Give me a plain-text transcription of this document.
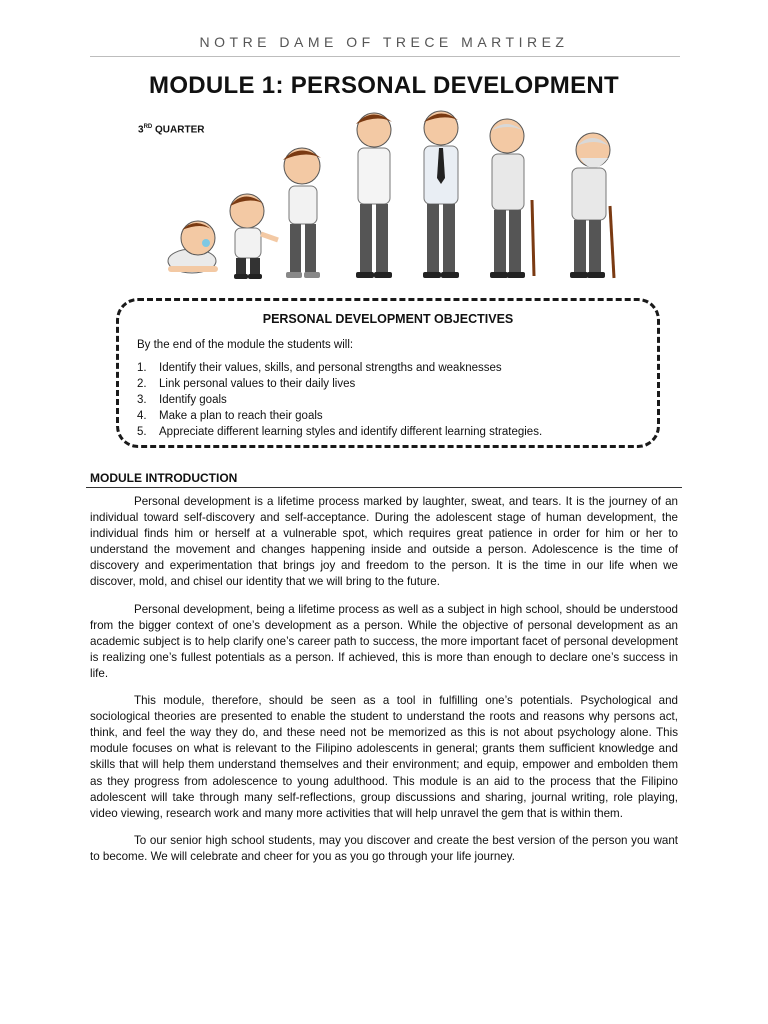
NOTRE DAME OF TRECE MARTIREZ
MODULE 1: PERSONAL DEVELOPMENT
3RD QUARTER
PERSONAL DEVELOPMENT OBJECTIVES
By the end of the module the students will:
1. Identify their values, skills, and personal strengths and weaknesses
2. Link personal values to their daily lives
3. Identify goals
4. Make a plan to reach their goals
5. Appreciate different learning styles and identify different learning strategies.
MODULE INTRODUCTION

Personal development is a lifetime process marked by laughter, sweat, and tears. It is the journey of an individual toward self-discovery and self-acceptance. During the adolescent stage of human development, the individual finds him or herself at a vulnerable spot, which requires great patience in order for him or her to understand the movement and changes happening inside and outside a person. Adolescence is the time of discovery and experimentation that brings joy and freedom to the person. It is the time in our life when we discover, mold, and chisel our identity that we will bring to the future.

Personal development, being a lifetime process as well as a subject in high school, should be understood from the bigger context of one’s development as a person. While the objective of personal development as an academic subject is to help clarify one’s career path to success, the more important facet of personal development is realizing one’s fullest potentials as a person. If achieved, this is more than enough to declare one’s success in life.

This module, therefore, should be seen as a tool in fulfilling one’s potentials. Psychological and sociological theories are presented to enable the student to understand the roots and reasons why persons act, think, and feel the way they do, and these need not be memorized as this is not about psychology alone. This module focuses on what is relevant to the Filipino adolescents in general; grants them sufficient knowledge and skills that will help them understand themselves and their environment; and equip, empower and embolden them as they progress from adolescence to young adulthood. This module is an aid to the process that the Filipino adolescent will take through many self-reflections, group discussions and sharing, journal writing, role playing, video viewing, research work and many more activities that will help unravel the gem that is within them.

To our senior high school students, may you discover and create the best version of the person you want to become. We will celebrate and cheer for you as you go through your life journey.
